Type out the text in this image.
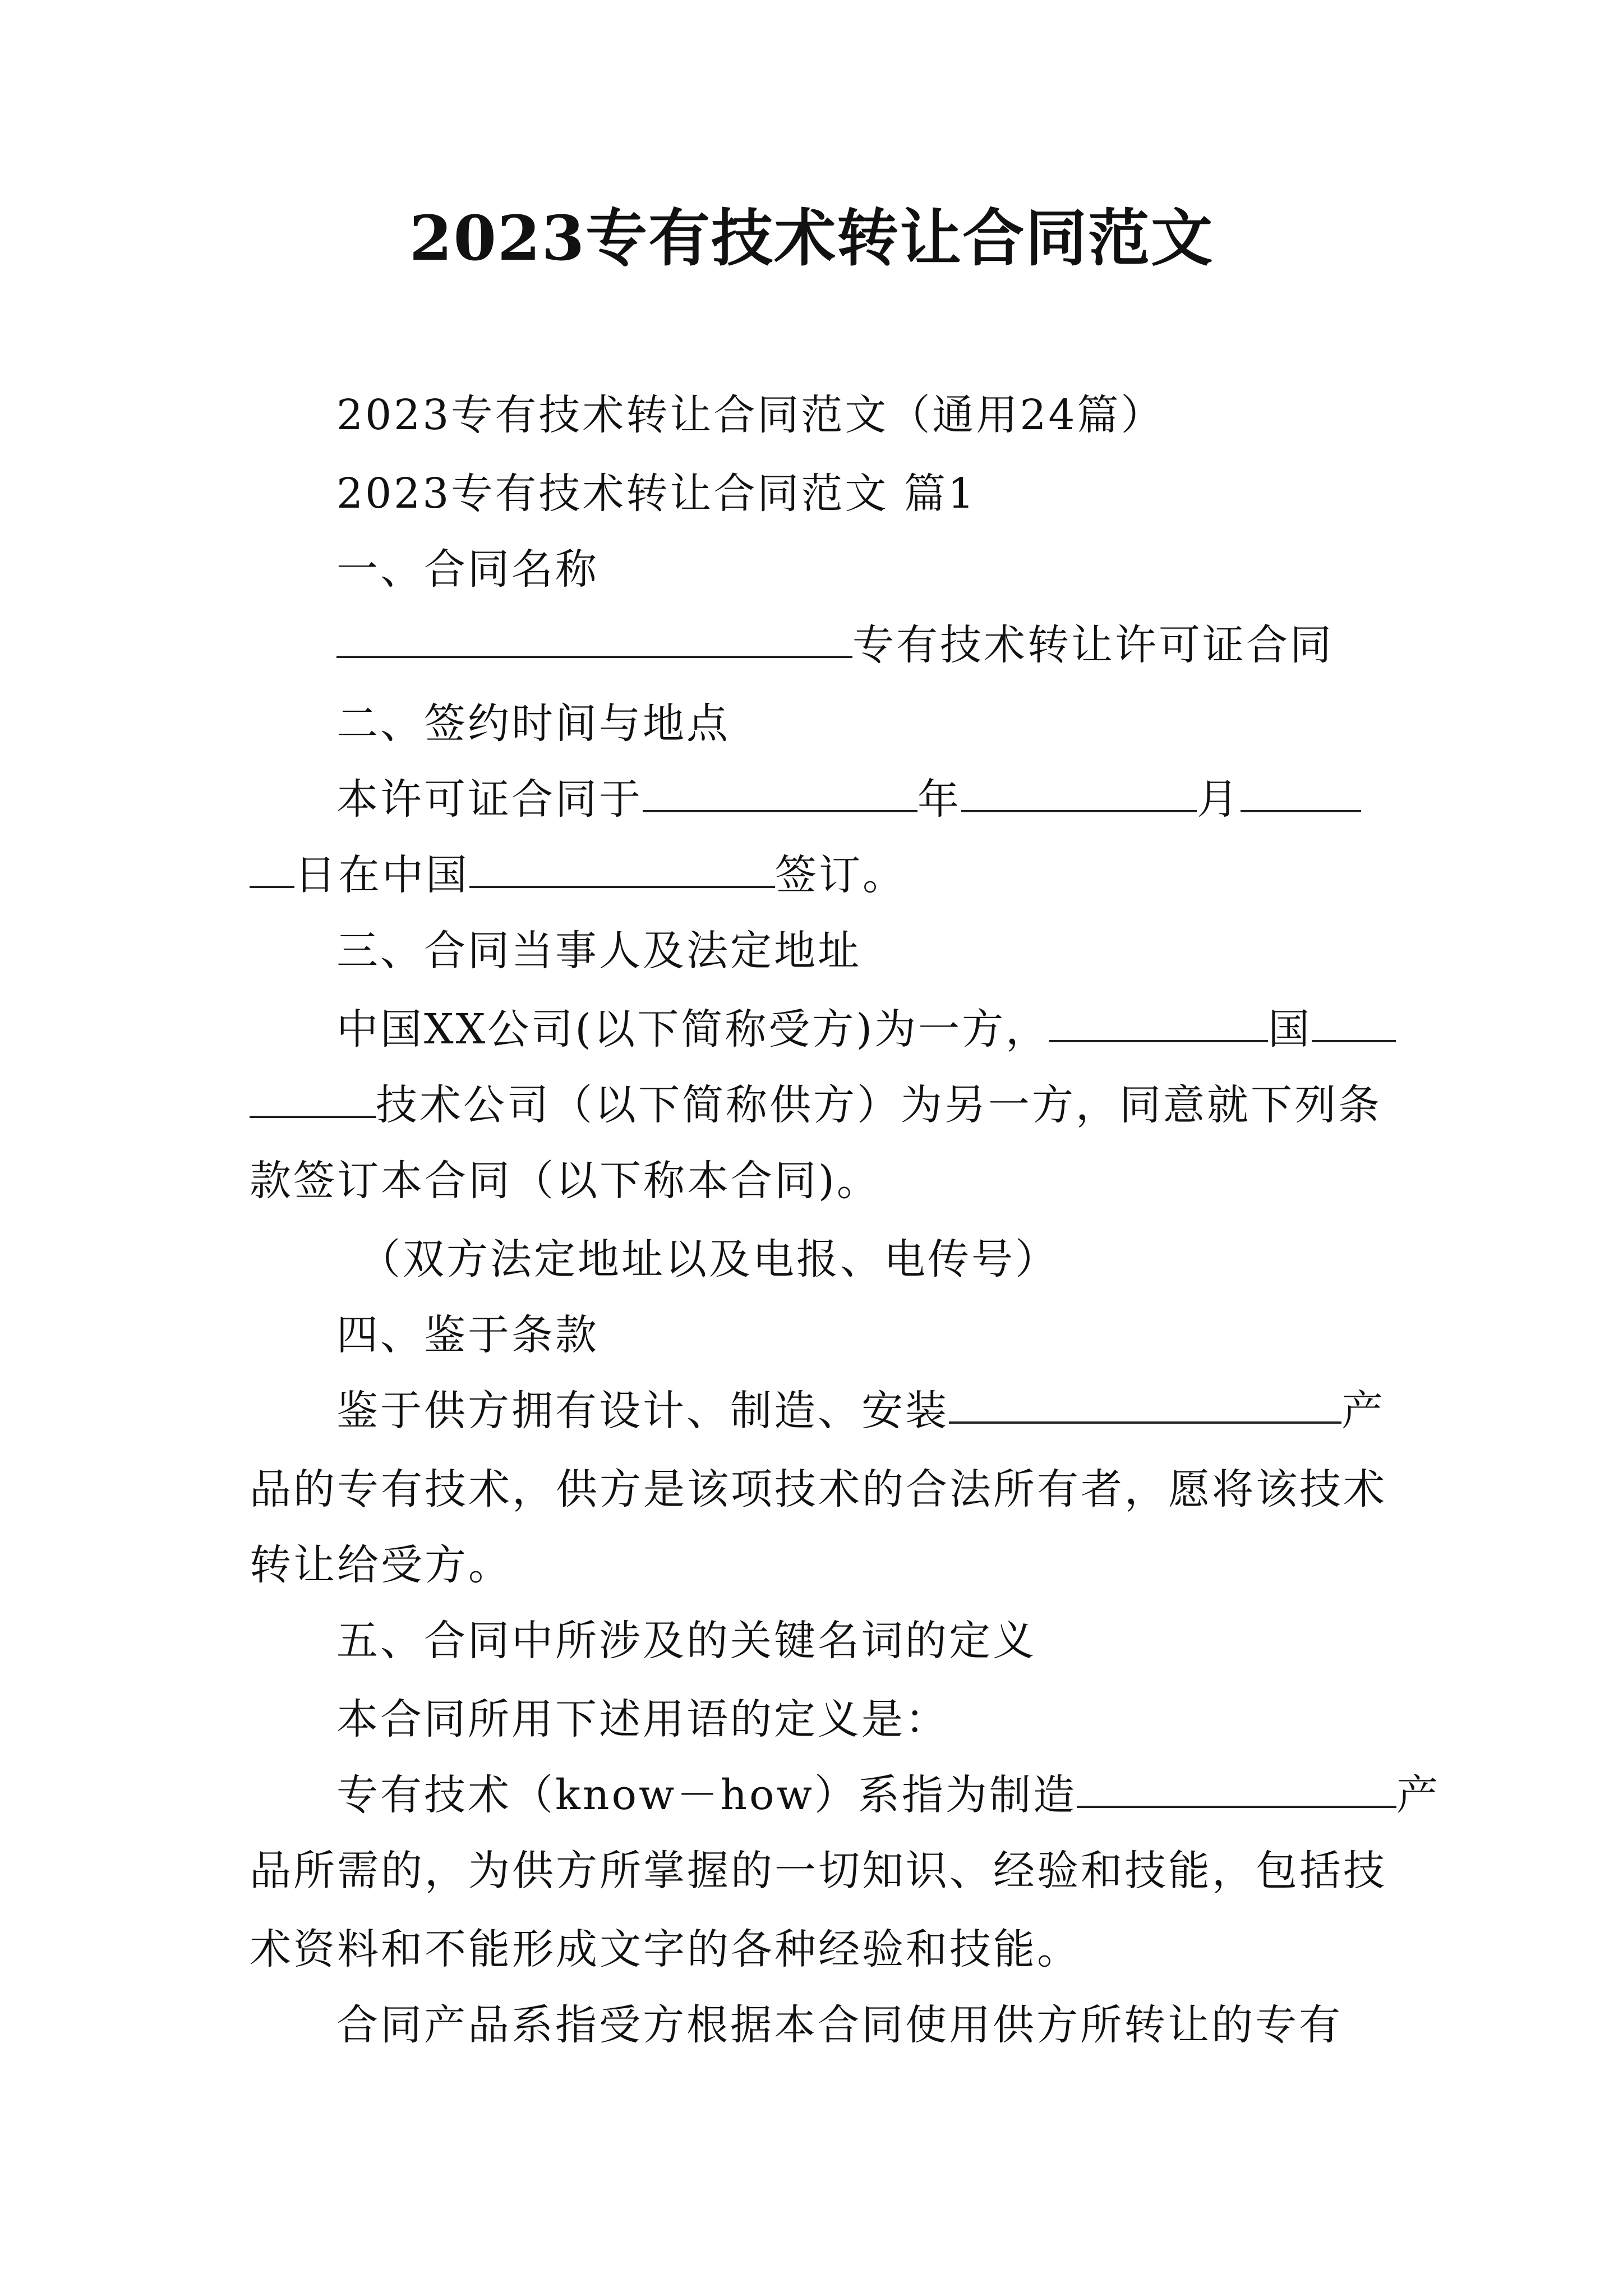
2023专有技术转让合同范文
2023专有技术转让合同范文（通用24篇）
2023专有技术转让合同范文 篇1
一、合同名称
专有技术转让许可证合同
二、签约时间与地点
本许可证合同于	年	月
日在中国	签订。
三、合同当事人及法定地址
中国XX公司(以下简称受方)为一方，	国
技术公司（以下简称供方）为另一方，同意就下列条
款签订本合同（以下称本合同)。
（双方法定地址以及电报、电传号）
四、鉴于条款
鉴于供方拥有设计、制造、安装	产
品的专有技术，供方是该项技术的合法所有者，愿将该技术
转让给受方。
五、合同中所涉及的关键名词的定义
本合同所用下述用语的定义是：
专有技术（know－how）系指为制造	产
品所需的，为供方所掌握的一切知识、经验和技能，包括技
术资料和不能形成文字的各种经验和技能。
合同产品系指受方根据本合同使用供方所转让的专有
